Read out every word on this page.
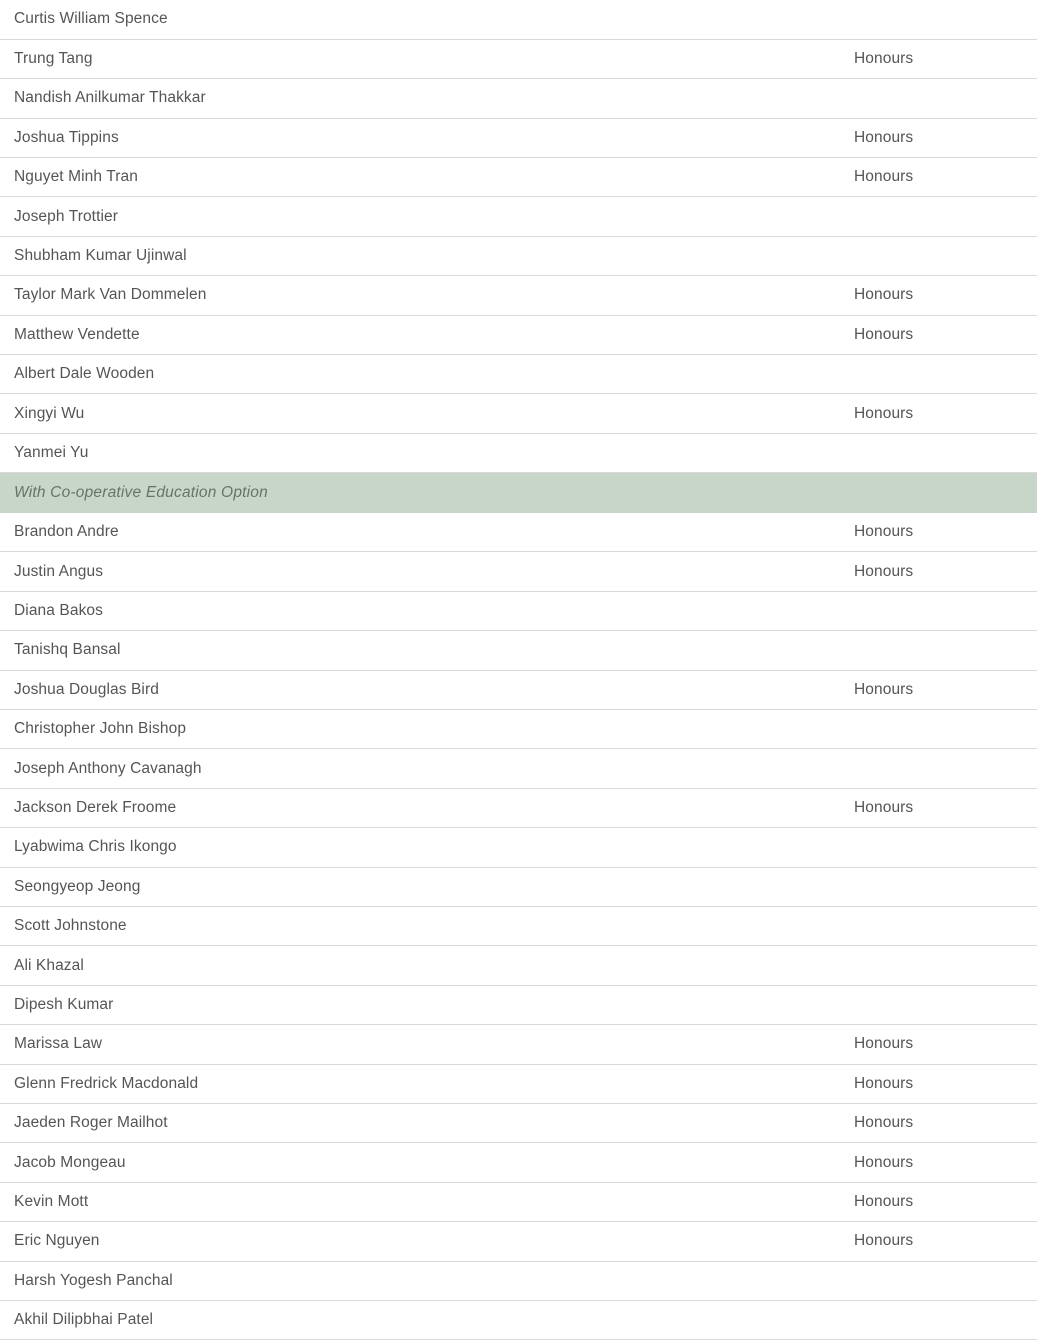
Curtis William Spence	
Trung Tang	Honours
Nandish Anilkumar Thakkar	
Joshua Tippins	Honours
Nguyet Minh Tran	Honours
Joseph Trottier	
Shubham Kumar Ujinwal	
Taylor Mark Van Dommelen	Honours
Matthew Vendette	Honours
Albert Dale Wooden	
Xingyi Wu	Honours
Yanmei Yu	
With Co-operative Education Option	
Brandon Andre	Honours
Justin Angus	Honours
Diana Bakos	
Tanishq Bansal	
Joshua Douglas Bird	Honours
Christopher John Bishop	
Joseph Anthony Cavanagh	
Jackson Derek Froome	Honours
Lyabwima Chris Ikongo	
Seongyeop Jeong	
Scott Johnstone	
Ali Khazal	
Dipesh Kumar	
Marissa Law	Honours
Glenn Fredrick Macdonald	Honours
Jaeden Roger Mailhot	Honours
Jacob Mongeau	Honours
Kevin Mott	Honours
Eric Nguyen	Honours
Harsh Yogesh Panchal	
Akhil Dilipbhai Patel	
